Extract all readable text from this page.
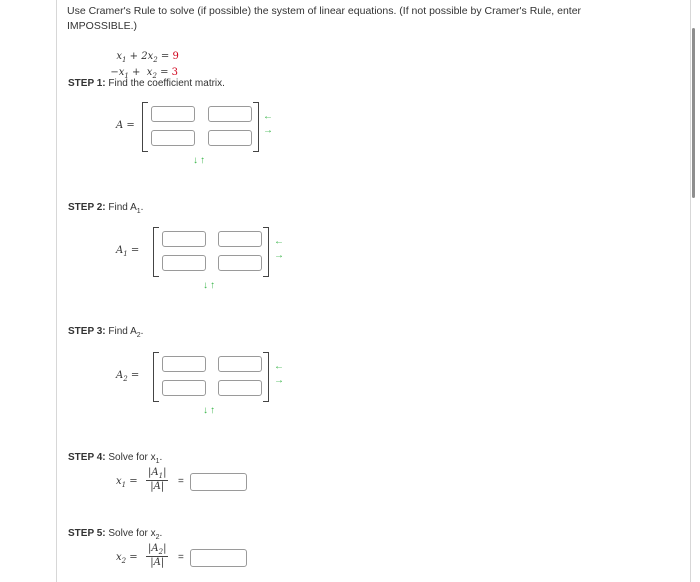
Use Cramer's Rule to solve (if possible) the system of linear equations. (If not possible by Cramer's Rule, enter IMPOSSIBLE.)

$x_1 + 2x_2 = 9$

$-x_1 + x_2 = 3$

STEP 1: Find the coefficient matrix.
A =
←
→
↓↑
STEP 2: Find $A_1$.
$A_1$ =
←
→
↓↑
STEP 3: Find $A_2$.
$A_2$ =
←
→
↓↑
STEP 4: Solve for $x_1$.
$x_1 = \frac{|A_1|}{|A|}$ =
STEP 5: Solve for $x_2$.
$x_2 = \frac{|A_2|}{|A|}$ =
